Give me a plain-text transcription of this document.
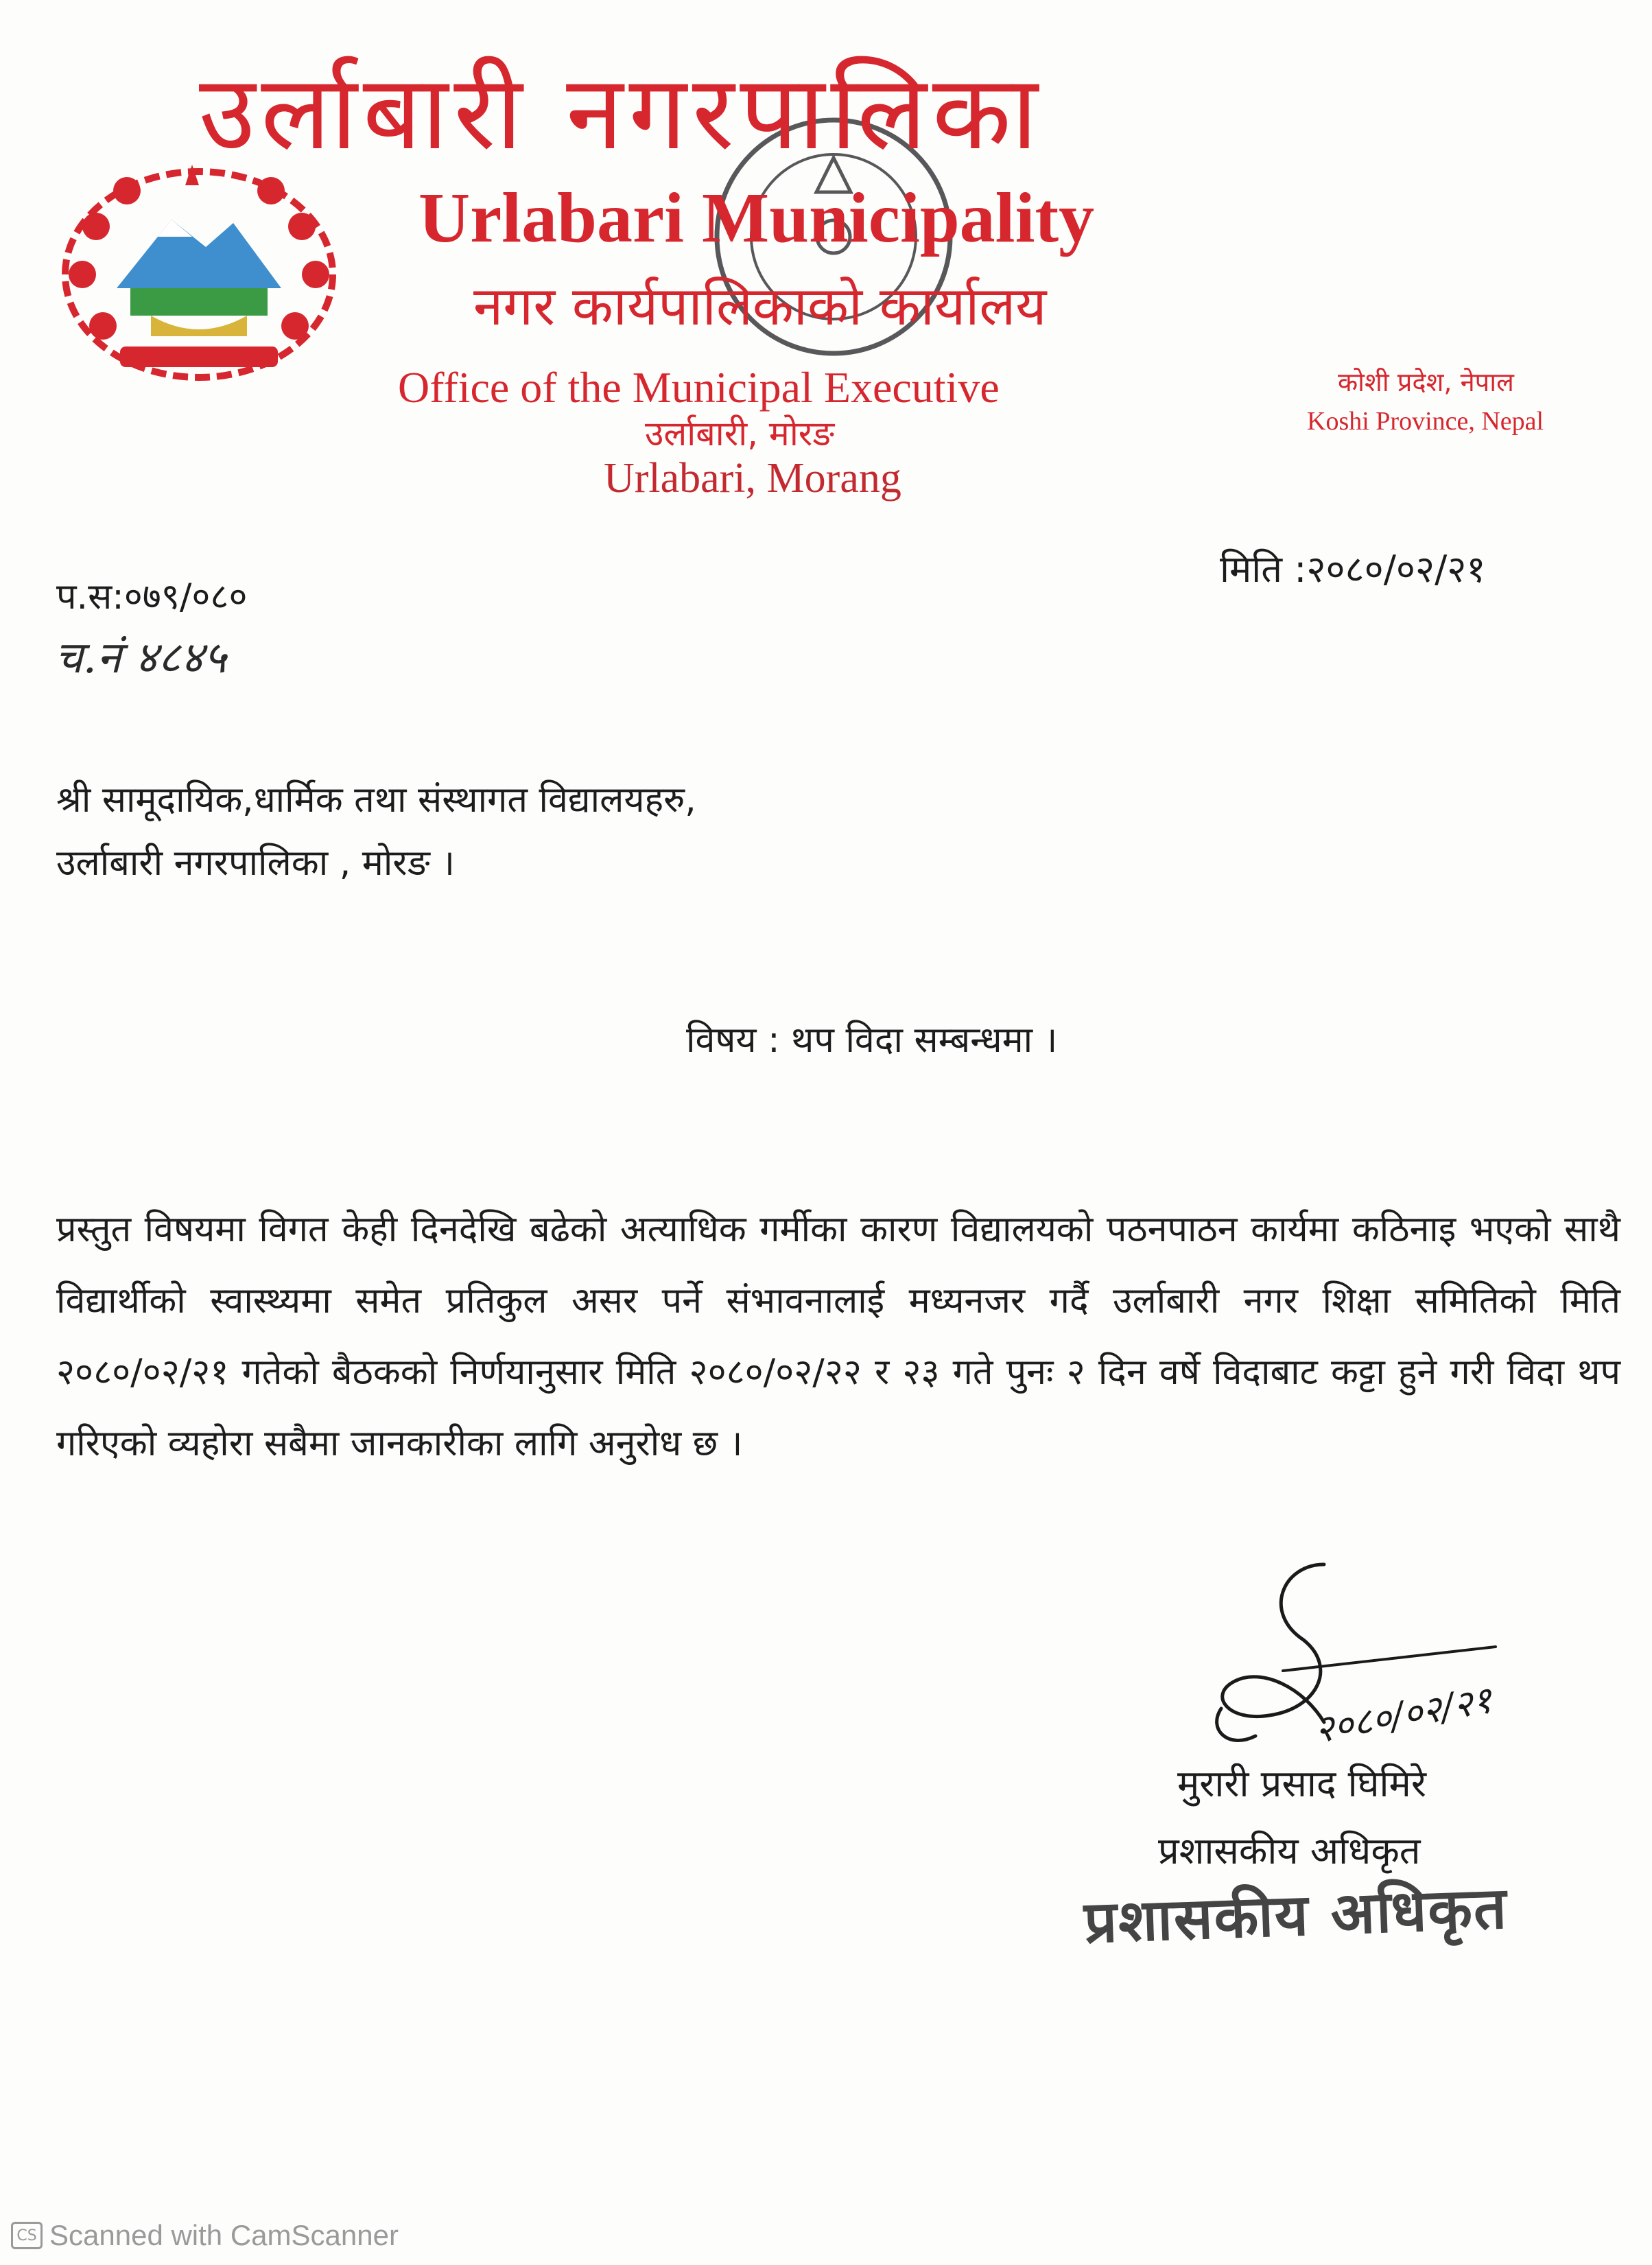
उर्लाबारी नगरपालिका
Urlabari Municipality
नगर कार्यपालिकाको कार्यालय
Office of the Municipal Executive
उर्लाबारी, मोरङ
Urlabari, Morang
कोशी प्रदेश, नेपाल
Koshi Province, Nepal
मिति :२०८०/०२/२१
प.स:०७९/०८०
च.नं ४८४५
श्री सामूदायिक,धार्मिक तथा संस्थागत विद्यालयहरु,
उर्लाबारी नगरपालिका , मोरङ ।
विषय : थप विदा सम्बन्धमा ।
प्रस्तुत विषयमा विगत केही दिनदेखि बढेको अत्याधिक गर्मीका कारण विद्यालयको पठनपाठन कार्यमा कठिनाइ भएको साथै विद्यार्थीको स्वास्थ्यमा समेत प्रतिकुल असर पर्ने संभावनालाई मध्यनजर गर्दै उर्लाबारी नगर शिक्षा समितिको मिति २०८०/०२/२१ गतेको बैठकको निर्णयानुसार मिति २०८०/०२/२२ र २३ गते पुनः २ दिन वर्षे विदाबाट कट्टा हुने गरी विदा थप गरिएको व्यहोरा सबैमा जानकारीका लागि अनुरोध छ ।
२०८०/०२/२१
मुरारी प्रसाद घिमिरे
प्रशासकीय अधिकृत
प्रशासकीय अधिकृत
CS Scanned with CamScanner
